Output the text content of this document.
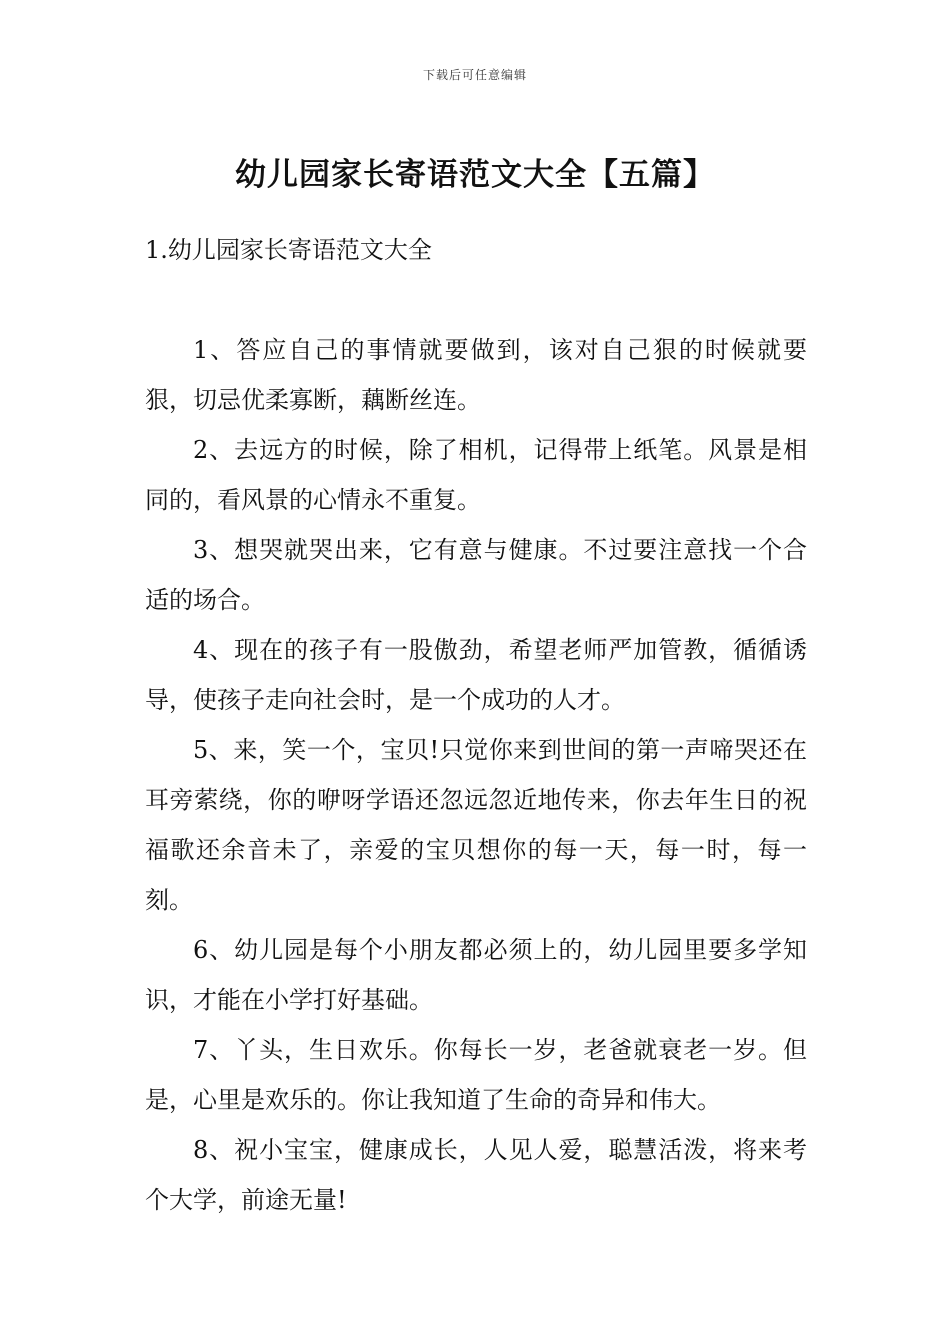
下载后可任意编辑
幼儿园家长寄语范文大全【五篇】
1.幼儿园家长寄语范文大全

1、答应自己的事情就要做到，该对自己狠的时候就要狠，切忌优柔寡断，藕断丝连。

2、去远方的时候，除了相机，记得带上纸笔。风景是相同的，看风景的心情永不重复。

3、想哭就哭出来，它有意与健康。不过要注意找一个合适的场合。

4、现在的孩子有一股傲劲，希望老师严加管教，循循诱导，使孩子走向社会时，是一个成功的人才。

5、来，笑一个，宝贝!只觉你来到世间的第一声啼哭还在耳旁萦绕，你的咿呀学语还忽远忽近地传来，你去年生日的祝福歌还余音未了，亲爱的宝贝想你的每一天，每一时，每一刻。

6、幼儿园是每个小朋友都必须上的，幼儿园里要多学知识，才能在小学打好基础。

7、丫头，生日欢乐。你每长一岁，老爸就衰老一岁。但是，心里是欢乐的。你让我知道了生命的奇异和伟大。

8、祝小宝宝，健康成长，人见人爱，聪慧活泼，将来考个大学，前途无量!
